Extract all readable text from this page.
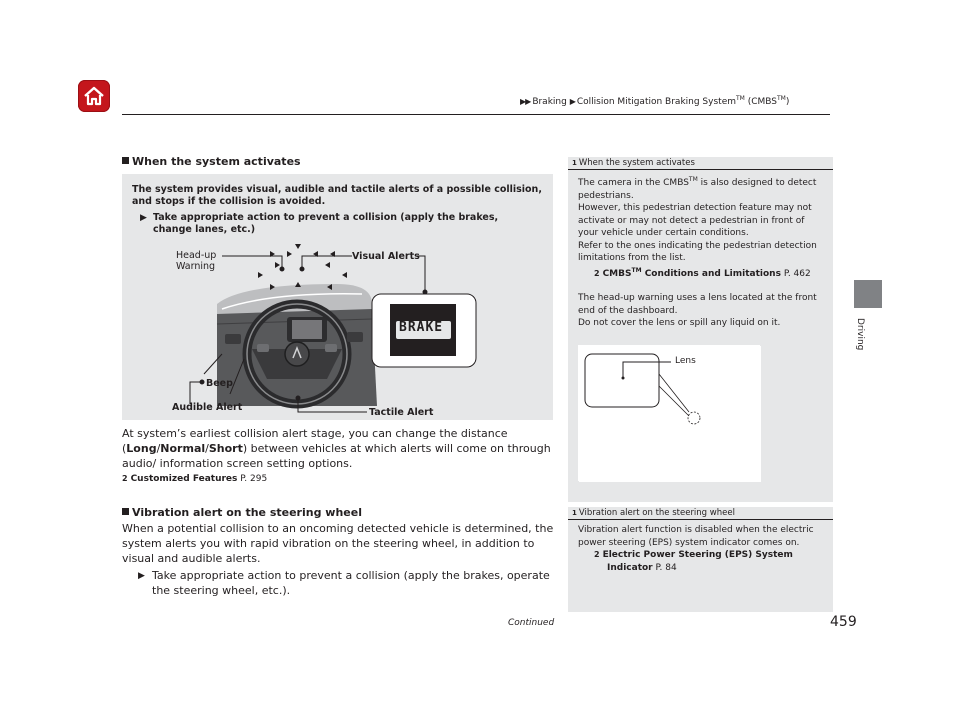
▶▶ Braking ▶ Collision Mitigation Braking System™ (CMBS™)
Driving
When the system activates
The system provides visual, audible and tactile alerts of a possible collision, and stops if the collision is avoided.
▶ Take appropriate action to prevent a collision (apply the brakes, change lanes, etc.)
Head-up
Warning
Visual Alerts
Beep
Audible Alert	Tactile Alert
BRAKE
At system’s earliest collision alert stage, you can change the distance (Long/Normal/Short) between vehicles at which alerts will come on through audio/ information screen setting options.
2 Customized Features P. 295
Vibration alert on the steering wheel
When a potential collision to an oncoming detected vehicle is determined, the system alerts you with rapid vibration on the steering wheel, in addition to visual and audible alerts.
▶ Take appropriate action to prevent a collision (apply the brakes, operate the steering wheel, etc.).
1 When the system activates

The camera in the CMBS™ is also designed to detect pedestrians.

However, this pedestrian detection feature may not activate or may not detect a pedestrian in front of your vehicle under certain conditions.

Refer to the ones indicating the pedestrian detection limitations from the list.

2 CMBS™ Conditions and Limitations P. 462

The head-up warning uses a lens located at the front end of the dashboard.

Do not cover the lens or spill any liquid on it.

Lens
1 Vibration alert on the steering wheel

Vibration alert function is disabled when the electric power steering (EPS) system indicator comes on.

2 Electric Power Steering (EPS) System
Indicator P. 84
Continued	459
